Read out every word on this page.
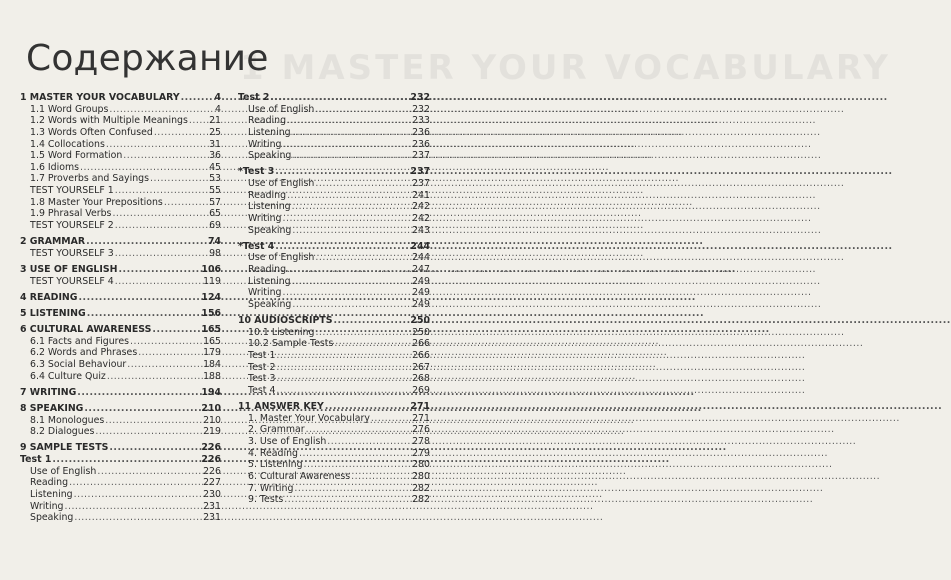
1 MASTER YOUR VOCABULARY
Содержание
1 MASTER YOUR VOCABULARY .....	4
1.1 Word Groups .....	4
1.2 Words with Multiple Meanings ..... 21
1.3 Words Often Confused .....	25
1.4 Collocations .....	31
1.5 Word Formation .....	36
1.6 Idioms .....	45
1.7 Proverbs and Sayings .....	53
TEST YOURSELF 1 .....	55
1.8 Master Your Prepositions .....	57
1.9 Phrasal Verbs .....	65
TEST YOURSELF 2 .....	69
2 GRAMMAR .....	74
TEST YOURSELF 3 .....	98
3 USE OF ENGLISH .....	106
TEST YOURSELF 4 .....	119
4 READING .....	124
5 LISTENING .....	156
6 CULTURAL AWARENESS .....	165
6.1 Facts and Figures .....	165
6.2 Words and Phrases .....	179
6.3 Social Behaviour .....	184
6.4 Culture Quiz .....	188
7 WRITING .....	194
8 SPEAKING .....	210
8.1 Monologues .....	210
8.2 Dialogues .....	219
9 SAMPLE TESTS .....	226
Test 1 .....	226
Use of English .....	226
Reading .....	227
Listening .....	230
Writing .....	231
Speaking .....	231
Test 2 .....	232
Use of English .....	232
Reading .....	233
Listening .....	236
Writing .....	236
Speaking .....	237
*Test 3 .....	237
Use of English .....	237
Reading .....	241
Listening .....	242
Writing .....	242
Speaking .....	243
*Test 4 .....	244
Use of English .....	244
Reading .....	247
Listening .....	249
Writing .....	249
Speaking .....	249
10 AUDIOSCRIPTS .....	250
10.1 Listening .....	250
10.2 Sample Tests .....	266
Test 1 .....	266
Test 2 .....	267
Test 3 .....	268
Test 4 .....	269
11 ANSWER KEY .....	271
1. Master Your Vocabulary .....	271
2. Grammar .....	276
3. Use of English .....	278
4. Reading .....	279
5. Listening .....	280
6. Cultural Awareness .....	280
7. Writing .....	282
9. Tests .....	282
